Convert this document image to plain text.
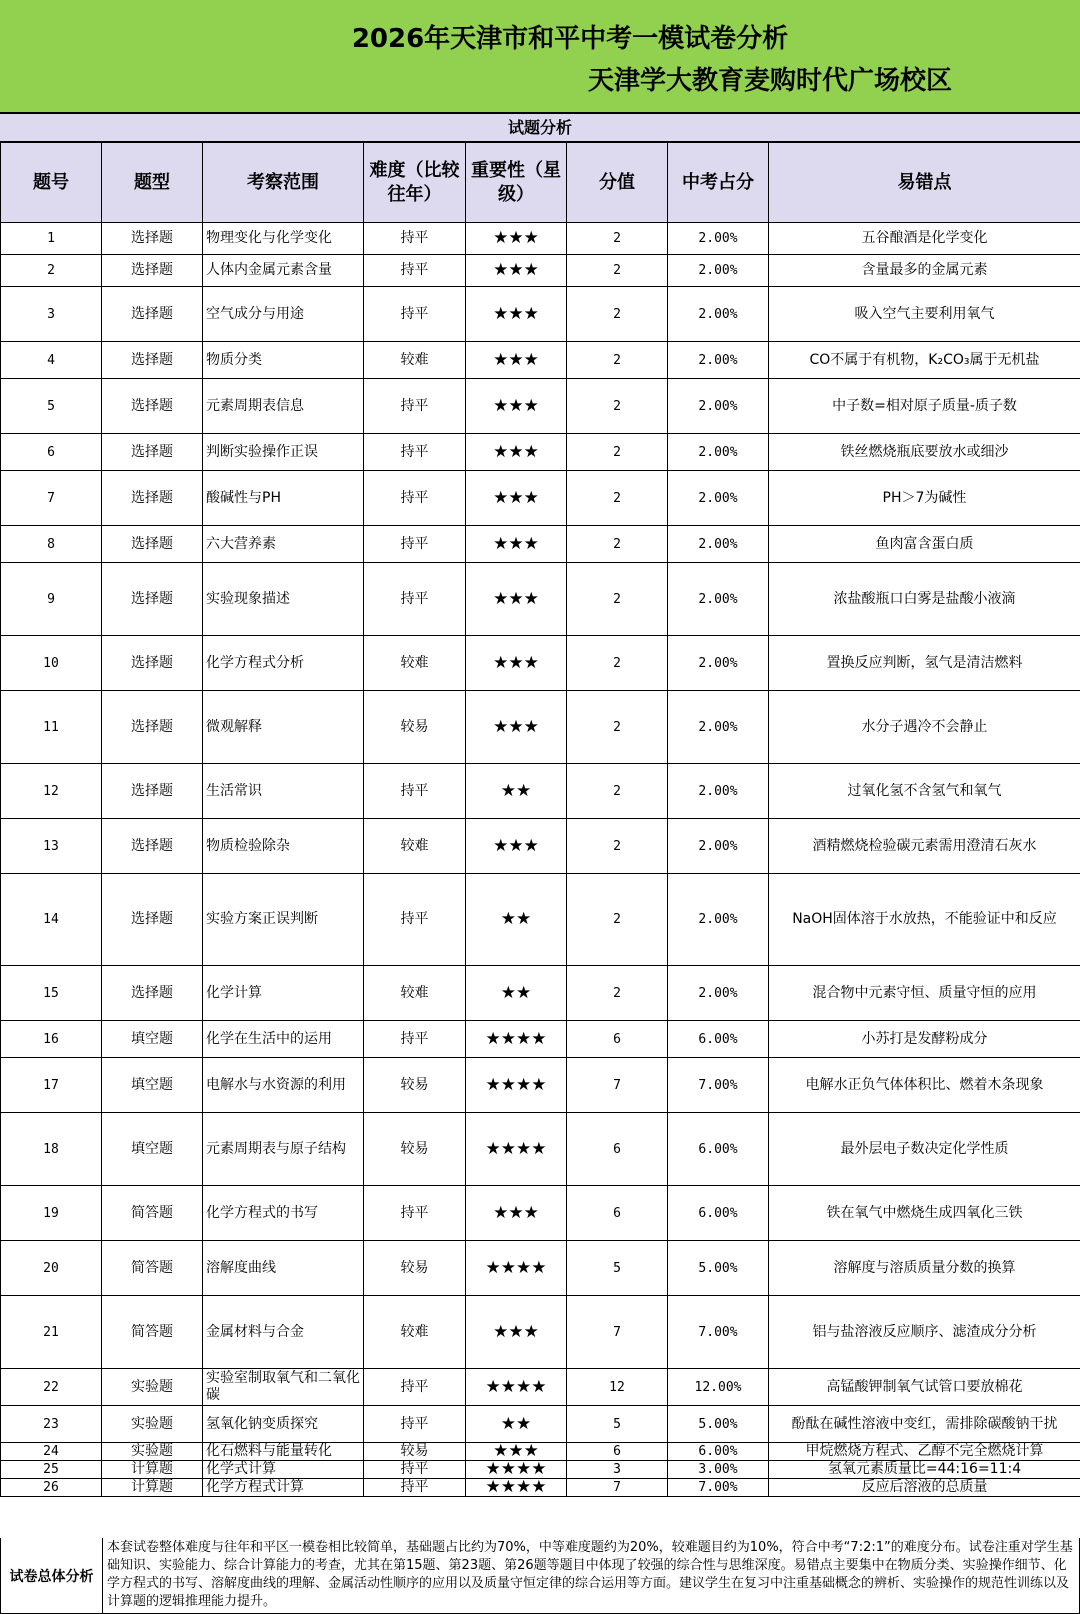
2026年天津市和平中考一模试卷分析
天津学大教育麦购时代广场校区
试题分析
题号	题型	考察范围	难度（比较往年）	重要性（星级）	分值	中考占分	易错点
1	选择题	物理变化与化学变化	持平	★★★	2	2.00%	五谷酿酒是化学变化
2	选择题	人体内金属元素含量	持平	★★★	2	2.00%	含量最多的金属元素
3	选择题	空气成分与用途	持平	★★★	2	2.00%	吸入空气主要利用氧气
4	选择题	物质分类	较难	★★★	2	2.00%	CO不属于有机物，K₂CO₃属于无机盐
5	选择题	元素周期表信息	持平	★★★	2	2.00%	中子数=相对原子质量-质子数
6	选择题	判断实验操作正误	持平	★★★	2	2.00%	铁丝燃烧瓶底要放水或细沙
7	选择题	酸碱性与PH	持平	★★★	2	2.00%	PH＞7为碱性
8	选择题	六大营养素	持平	★★★	2	2.00%	鱼肉富含蛋白质
9	选择题	实验现象描述	持平	★★★	2	2.00%	浓盐酸瓶口白雾是盐酸小液滴
10	选择题	化学方程式分析	较难	★★★	2	2.00%	置换反应判断，氢气是清洁燃料
11	选择题	微观解释	较易	★★★	2	2.00%	水分子遇冷不会静止
12	选择题	生活常识	持平	★★	2	2.00%	过氧化氢不含氢气和氧气
13	选择题	物质检验除杂	较难	★★★	2	2.00%	酒精燃烧检验碳元素需用澄清石灰水
14	选择题	实验方案正误判断	持平	★★	2	2.00%	NaOH固体溶于水放热，不能验证中和反应
15	选择题	化学计算	较难	★★	2	2.00%	混合物中元素守恒、质量守恒的应用
16	填空题	化学在生活中的运用	持平	★★★★	6	6.00%	小苏打是发酵粉成分
17	填空题	电解水与水资源的利用	较易	★★★★	7	7.00%	电解水正负气体体积比、燃着木条现象
18	填空题	元素周期表与原子结构	较易	★★★★	6	6.00%	最外层电子数决定化学性质
19	简答题	化学方程式的书写	持平	★★★	6	6.00%	铁在氧气中燃烧生成四氧化三铁
20	简答题	溶解度曲线	较易	★★★★	5	5.00%	溶解度与溶质质量分数的换算
21	简答题	金属材料与合金	较难	★★★	7	7.00%	铝与盐溶液反应顺序、滤渣成分分析
22	实验题	实验室制取氧气和二氧化碳	持平	★★★★	12	12.00%	高锰酸钾制氧气试管口要放棉花
23	实验题	氢氧化钠变质探究	持平	★★	5	5.00%	酚酞在碱性溶液中变红，需排除碳酸钠干扰
24	实验题	化石燃料与能量转化	较易	★★★	6	6.00%	甲烷燃烧方程式、乙醇不完全燃烧计算
25	计算题	化学式计算	持平	★★★★	3	3.00%	氢氧元素质量比=44:16=11:4
26	计算题	化学方程式计算	持平	★★★★	7	7.00%	反应后溶液的总质量
试卷总体分析
本套试卷整体难度与往年和平区一模卷相比较简单，基础题占比约为70%，中等难度题约为20%，较难题目约为10%，符合中考“7:2:1”的难度分布。试卷注重对学生基础知识、实验能力、综合计算能力的考查，尤其在第15题、第23题、第26题等题目中体现了较强的综合性与思维深度。易错点主要集中在物质分类、实验操作细节、化学方程式的书写、溶解度曲线的理解、金属活动性顺序的应用以及质量守恒定律的综合运用等方面。建议学生在复习中注重基础概念的辨析、实验操作的规范性训练以及计算题的逻辑推理能力提升。
